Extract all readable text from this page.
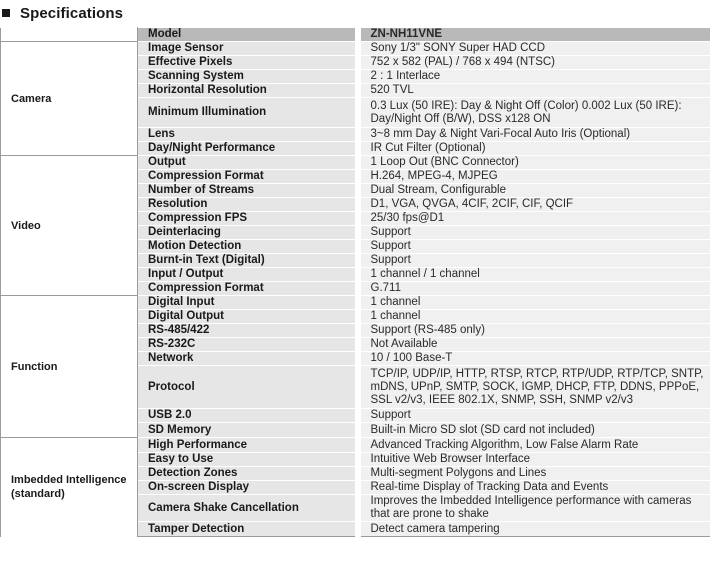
Specifications
	Model	ZN-NH11VNE
Camera	Image Sensor	Sony 1/3" SONY Super HAD CCD
	Effective Pixels	752 x 582 (PAL) / 768 x 494 (NTSC)
	Scanning System	2 : 1 Interlace
	Horizontal Resolution	520 TVL
	Minimum Illumination	0.3 Lux (50 IRE): Day & Night Off (Color) 0.002 Lux (50 IRE): Day/Night Off (B/W), DSS x128 ON
	Lens	3~8 mm Day & Night Vari-Focal Auto Iris (Optional)
	Day/Night Performance	IR Cut Filter (Optional)
Video	Output	1 Loop Out (BNC Connector)
	Compression Format	H.264, MPEG-4, MJPEG
	Number of Streams	Dual Stream, Configurable
	Resolution	D1, VGA, QVGA, 4CIF, 2CIF, CIF, QCIF
	Compression FPS	25/30 fps@D1
	Deinterlacing	Support
	Motion Detection	Support
	Burnt-in Text (Digital)	Support
	Input / Output	1 channel / 1 channel
	Compression Format	G.711
Function	Digital Input	1 channel
	Digital Output	1 channel
	RS-485/422	Support (RS-485 only)
	RS-232C	Not Available
	Network	10 / 100 Base-T
	Protocol	TCP/IP, UDP/IP, HTTP, RTSP, RTCP, RTP/UDP, RTP/TCP, SNTP, mDNS, UPnP, SMTP, SOCK, IGMP, DHCP, FTP, DDNS, PPPoE, SSL v2/v3, IEEE 802.1X, SNMP, SSH, SNMP v2/v3
	USB 2.0	Support
	SD Memory	Built-in Micro SD slot (SD card not included)
Imbedded Intelligence (standard)	High Performance	Advanced Tracking Algorithm, Low False Alarm Rate
	Easy to Use	Intuitive Web Browser Interface
	Detection Zones	Multi-segment Polygons and Lines
	On-screen Display	Real-time Display of Tracking Data and Events
	Camera Shake Cancellation	Improves the Imbedded Intelligence performance with cameras that are prone to shake
	Tamper Detection	Detect camera tampering
